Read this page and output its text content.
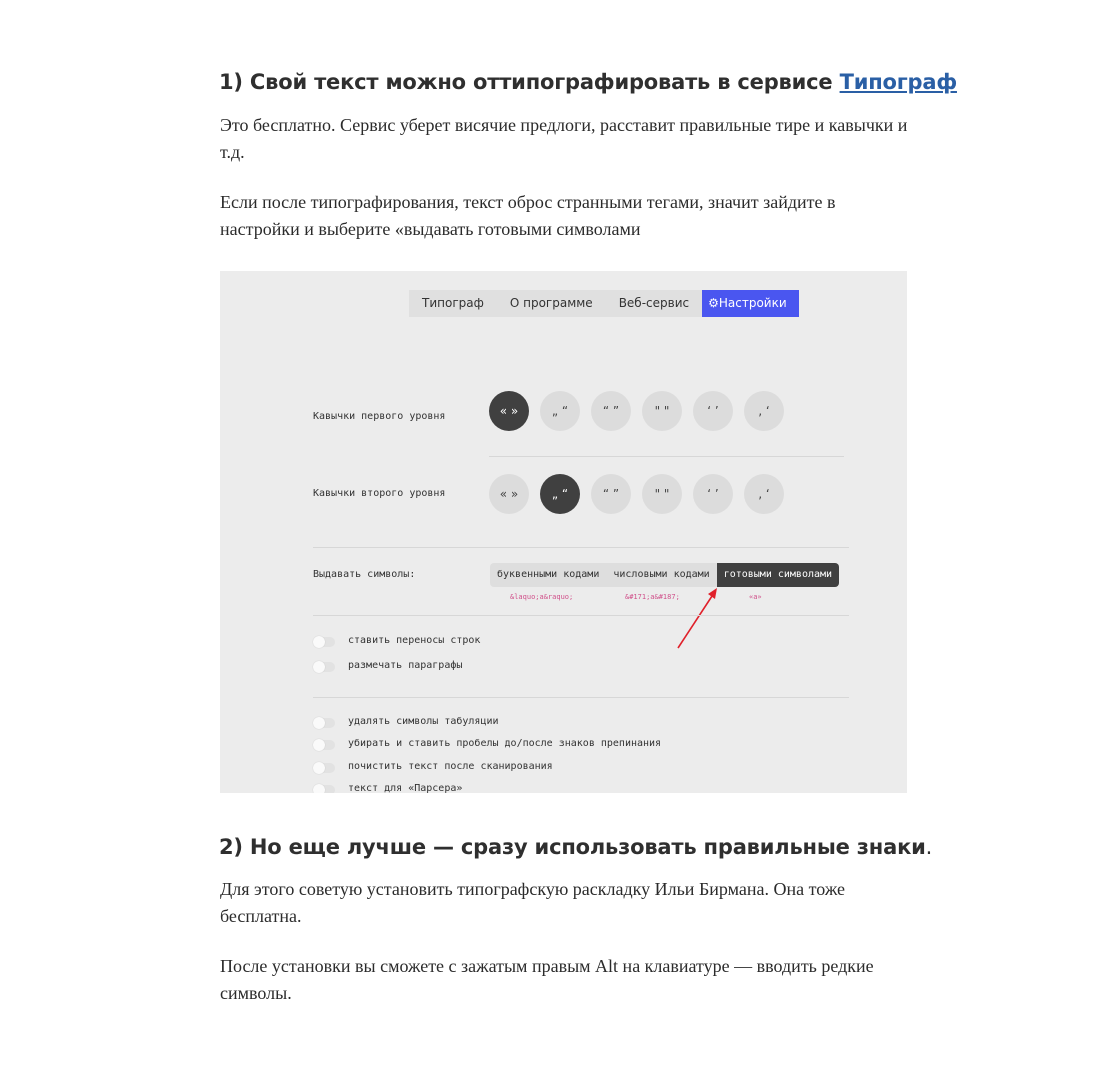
1) Свой текст можно оттипографировать в сервисе Типограф

Это бесплатно. Сервис уберет висячие предлоги, расставит правильные тире и кавычки и т.д.

Если после типографирования, текст оброс странными тегами, значит зайдите в настройки и выберите «выдавать готовыми символами

Типограф	О программе	Веб-сервис	⚙Настройки
Кавычки первого уровня	« »	„ “	“ ”	" "	‘ ’	‚ ‘
Кавычки второго уровня	« »	„ “	“ ”	" "	‘ ’	‚ ‘
Выдавать символы:	буквенными кодами	числовыми кодами	готовыми символами
&laquo;a&raquo;	&#171;a&#187;	«a»
ставить переносы строк
размечать параграфы
удалять символы табуляции
убирать и ставить пробелы до/после знаков препинания
почистить текст после сканирования
текст для «Парсера»
2) Но еще лучше — сразу использовать правильные знаки.

Для этого советую установить типографскую раскладку Ильи Бирмана. Она тоже бесплатна.

После установки вы сможете с зажатым правым Alt на клавиатуре — вводить редкие символы.
